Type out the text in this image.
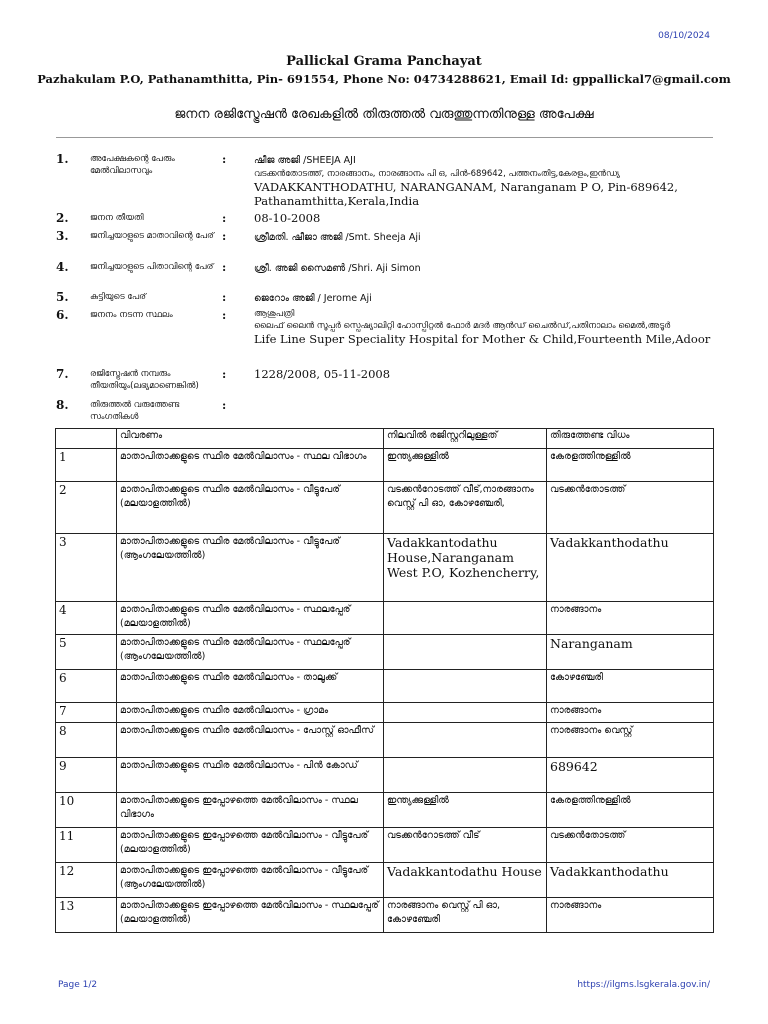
08/10/2024
Pallickal Grama Panchayat
Pazhakulam P.O, Pathanamthitta, Pin- 691554, Phone No: 04734288621, Email Id: gppallickal7@gmail.com
ജനന രജിസ്ട്രേഷൻ രേഖകളിൽ തിരുത്തൽ വരുത്തുന്നതിനുള്ള അപേക്ഷ
1.	അപേക്ഷകന്റെ പേരും മേൽവിലാസവും
:	ഷീജ അജി /SHEEJA AJI
വടക്കൻതോടത്ത്, നാരങ്ങാനം, നാരങ്ങാനം പി ഒ, പിൻ-689642, പത്തനംതിട്ട,കേരളം,ഇൻഡ്യ
VADAKKANTHODATHU, NARANGANAM, Naranganam P O, Pin-689642,
Pathanamthitta,Kerala,India
2.	ജനന തീയതി	: 08-10-2008
3.	ജനിച്ചയാളുടെ മാതാവിന്റെ പേര് :	ശ്രീമതി. ഷീജാ അജി /Smt. Sheeja Aji
4.	ജനിച്ചയാളുടെ പിതാവിന്റെ പേര് :	ശ്രീ. അജി സൈമൺ /Shri. Aji Simon
5.	കുട്ടിയുടെ പേര്	:	ജെറോം അജി / Jerome Aji
6.	ജനനം നടന്ന സ്ഥലം	:	ആശുപത്രി
ലൈഫ് ലൈൻ സൂപ്പർ സ്പെഷ്യാലിറ്റി ഹോസ്പിറ്റൽ ഫോർ മദർ ആൻഡ് ചൈൽഡ്,പതിനാലാം മൈൽ,അടൂർ
Life Line Super Speciality Hospital for Mother & Child,Fourteenth Mile,Adoor
7.	രജിസ്ട്രേഷൻ നമ്പരും തീയതിയും(ലഭ്യമാണെങ്കിൽ)
: 1228/2008, 05-11-2008
8.	തിരുത്തൽ വരുത്തേണ്ട സംഗതികൾ
:
	വിവരണം	നിലവിൽ രജിസ്റ്ററിലുള്ളത്	തിരുത്തേണ്ട വിധം
1	മാതാപിതാക്കളുടെ സ്ഥിര മേൽവിലാസം - സ്ഥല വിഭാഗം	ഇന്ത്യക്കുള്ളിൽ	കേരളത്തിനുള്ളിൽ
2	മാതാപിതാക്കളുടെ സ്ഥിര മേൽവിലാസം - വീട്ടുപേര് (മലയാളത്തിൽ)	വടക്കൻറോടത്ത് വീട്,നാരങ്ങാനം വെസ്റ്റ് പി ഓ, കോഴഞ്ചേരി,	വടക്കൻതോടത്ത്
3	മാതാപിതാക്കളുടെ സ്ഥിര മേൽവിലാസം - വീട്ടുപേര് (ആംഗലേയത്തിൽ)	Vadakkantodathu House,Naranganam West P.O, Kozhencherry,	Vadakkanthodathu
4	മാതാപിതാക്കളുടെ സ്ഥിര മേൽവിലാസം - സ്ഥലപ്പേര് (മലയാളത്തിൽ)		നാരങ്ങാനം
5	മാതാപിതാക്കളുടെ സ്ഥിര മേൽവിലാസം - സ്ഥലപ്പേര് (ആംഗലേയത്തിൽ)		Naranganam
6	മാതാപിതാക്കളുടെ സ്ഥിര മേൽവിലാസം - താലൂക്ക്		കോഴഞ്ചേരി
7	മാതാപിതാക്കളുടെ സ്ഥിര മേൽവിലാസം - ഗ്രാമം		നാരങ്ങാനം
8	മാതാപിതാക്കളുടെ സ്ഥിര മേൽവിലാസം - പോസ്റ്റ് ഓഫീസ്		നാരങ്ങാനം വെസ്റ്റ്
9	മാതാപിതാക്കളുടെ സ്ഥിര മേൽവിലാസം - പിൻ കോഡ്		689642
10	മാതാപിതാക്കളുടെ ഇപ്പോഴത്തെ മേൽവിലാസം - സ്ഥല വിഭാഗം	ഇന്ത്യക്കുള്ളിൽ	കേരളത്തിനുള്ളിൽ
11	മാതാപിതാക്കളുടെ ഇപ്പോഴത്തെ മേൽവിലാസം - വീട്ടുപേര് (മലയാളത്തിൽ)	വടക്കൻറോടത്ത് വീട്	വടക്കൻതോടത്ത്
12	മാതാപിതാക്കളുടെ ഇപ്പോഴത്തെ മേൽവിലാസം - വീട്ടുപേര് (ആംഗലേയത്തിൽ)	Vadakkantodathu House	Vadakkanthodathu
13	മാതാപിതാക്കളുടെ ഇപ്പോഴത്തെ മേൽവിലാസം - സ്ഥലപ്പേര് (മലയാളത്തിൽ)	നാരങ്ങാനം വെസ്റ്റ് പി ഓ, കോഴഞ്ചേരി	നാരങ്ങാനം
Page 1/2	https://ilgms.lsgkerala.gov.in/
